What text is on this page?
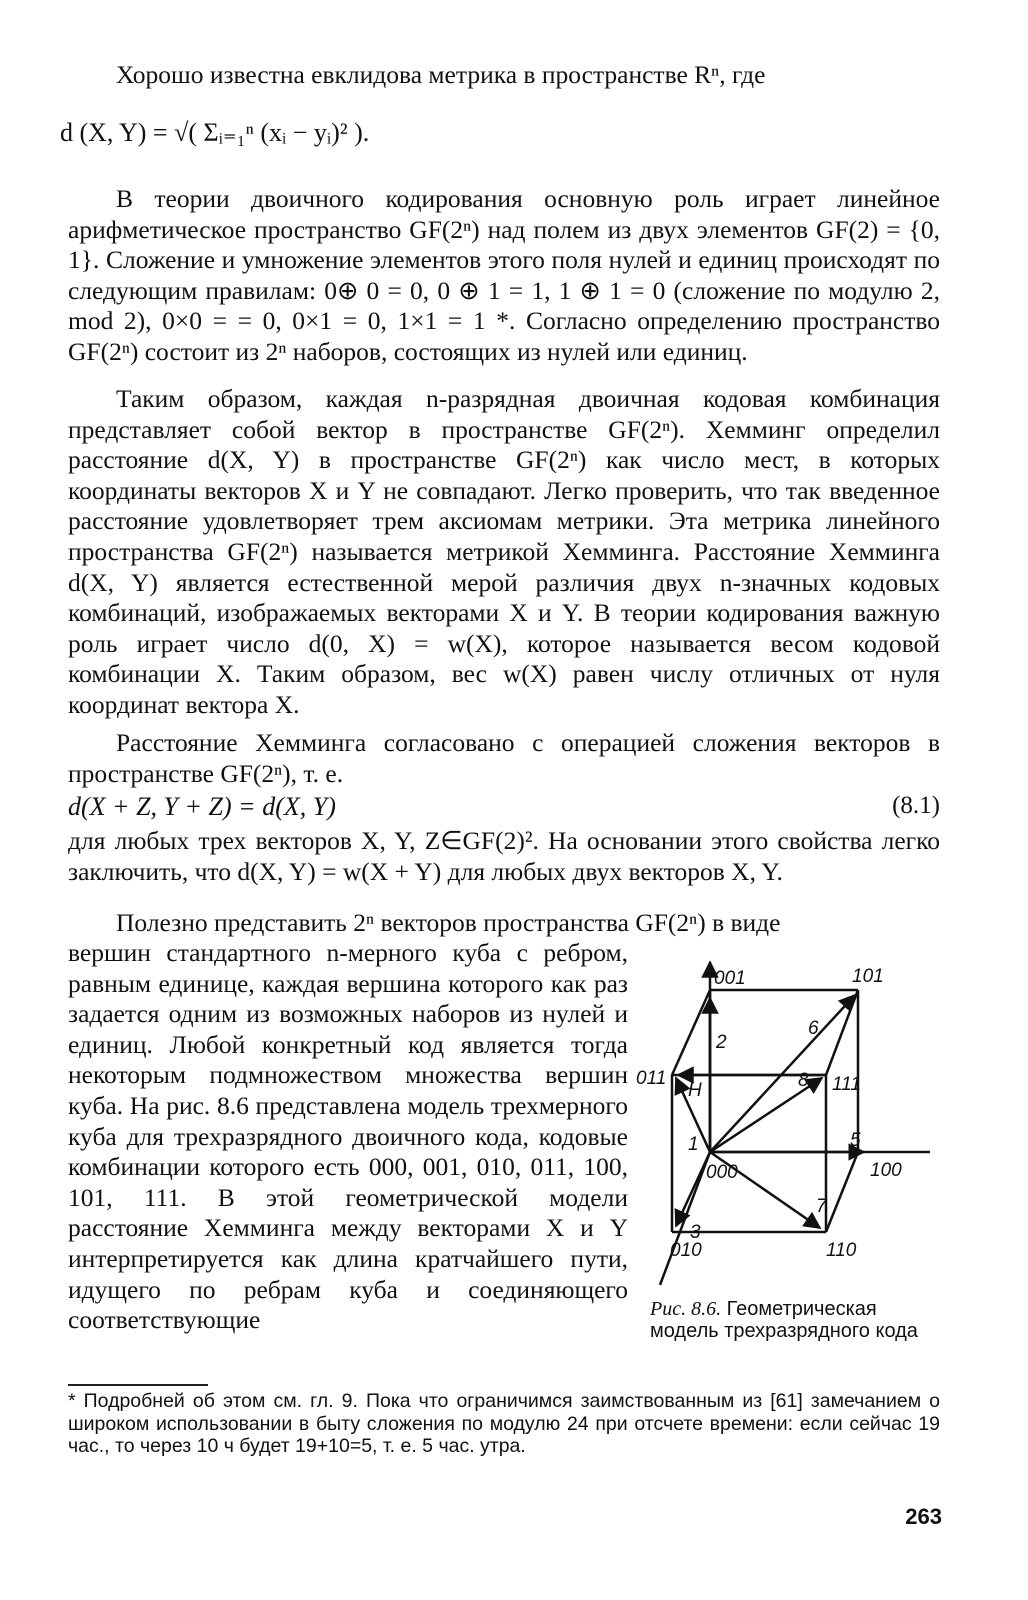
Хорошо известна евклидова метрика в пространстве Rⁿ, где

d (X, Y) = √( Σᵢ₌₁ⁿ (xᵢ − yᵢ)² ).

В теории двоичного кодирования основную роль играет линейное арифметическое пространство GF(2ⁿ) над полем из двух элементов GF(2) = {0, 1}. Сложение и умножение элементов этого поля нулей и единиц происходят по следующим правилам: 0⊕ 0 = 0, 0 ⊕ 1 = 1, 1 ⊕ 1 = 0 (сложение по модулю 2, mod 2), 0×0 = = 0, 0×1 = 0, 1×1 = 1 *. Согласно определению пространство GF(2ⁿ) состоит из 2ⁿ наборов, состоящих из нулей или единиц.

Таким образом, каждая n-разрядная двоичная кодовая комбинация представляет собой вектор в пространстве GF(2ⁿ). Хемминг определил расстояние d(X, Y) в пространстве GF(2ⁿ) как число мест, в которых координаты векторов X и Y не совпадают. Легко проверить, что так введенное расстояние удовлетворяет трем аксиомам метрики. Эта метрика линейного пространства GF(2ⁿ) называется метрикой Хемминга. Расстояние Хемминга d(X, Y) является естественной мерой различия двух n-значных кодовых комбинаций, изображаемых векторами X и Y. В теории кодирования важную роль играет число d(0, X) = w(X), которое называется весом кодовой комбинации X. Таким образом, вес w(X) равен числу отличных от нуля координат вектора X.

Расстояние Хемминга согласовано с операцией сложения векторов в пространстве GF(2ⁿ), т. е.

d(X + Z, Y + Z) = d(X, Y)	(8.1)

для любых трех векторов X, Y, Z∈GF(2)². На основании этого свойства легко заключить, что d(X, Y) = w(X + Y) для любых двух векторов X, Y.

Полезно представить 2ⁿ векторов пространства GF(2ⁿ) в виде

вершин стандартного n-мерного куба с ребром, равным единице, каждая вершина которого как раз задается одним из возможных наборов из нулей и единиц. Любой конкретный код является тогда некоторым подмножеством множества вершин куба. На рис. 8.6 представлена модель трехмерного куба для трехразрядного двоичного кода, кодовые комбинации которого есть 000, 001, 010, 011, 100, 101, 111. В этой геометрической модели расстояние Хемминга между векторами X и Y интерпретируется как длина кратчайшего пути, идущего по ребрам куба и соединяющего соответствующие

001	101
011	111
000	100
010	110
2
6
H	8
1	5
7
3
Рис. 8.6. Геометрическая модель трехразрядного кода

* Подробней об этом см. гл. 9. Пока что ограничимся заимствованным из [61] замечанием о широком использовании в быту сложения по модулю 24 при отсчете времени: если сейчас 19 час., то через 10 ч будет 19+10=5, т. е. 5 час. утра.

263
